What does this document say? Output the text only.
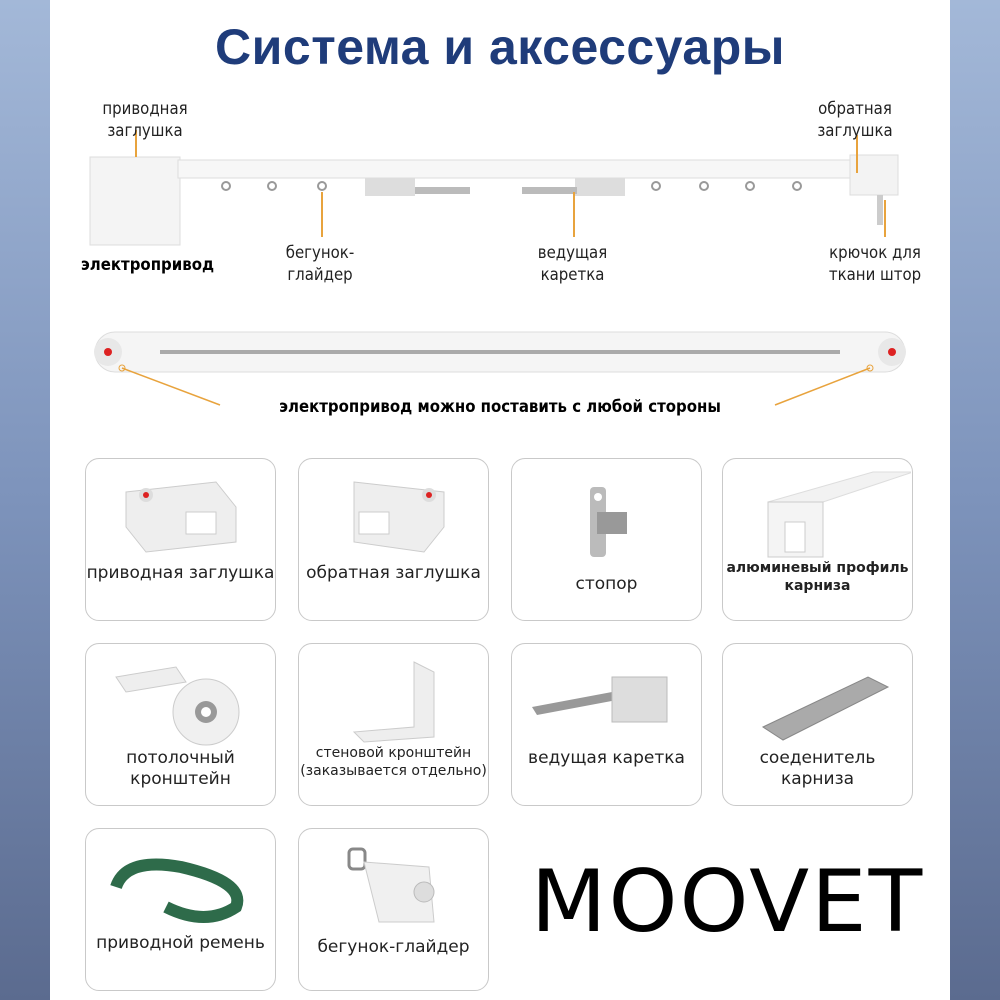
Система и аксессуары
приводная заглушка
обратная заглушка
электропривод
бегунок-глайдер
ведущая каретка
крючок для ткани штор
электропривод можно поставить с любой стороны
приводная заглушка	обратная заглушка
стопор
алюминевый профиль карниза
потолочный кронштейн
стеновой кронштейн (заказывается отдельно)
ведущая каретка	соеденитель карниза
приводной ремень	бегунок-глайдер MOOVET
